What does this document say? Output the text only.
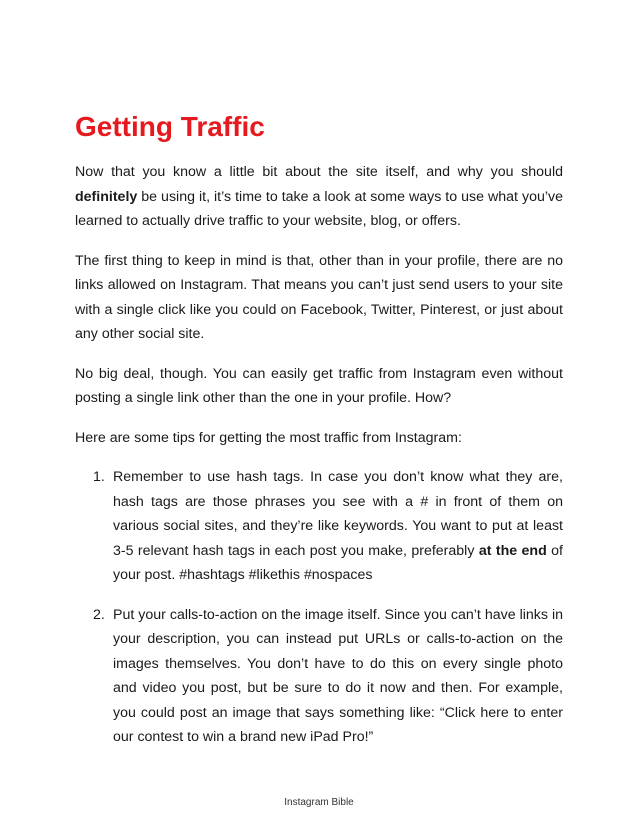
Getting Traffic

Now that you know a little bit about the site itself, and why you should definitely be using it, it’s time to take a look at some ways to use what you’ve learned to actually drive traffic to your website, blog, or offers.

The first thing to keep in mind is that, other than in your profile, there are no links allowed on Instagram. That means you can’t just send users to your site with a single click like you could on Facebook, Twitter, Pinterest, or just about any other social site.

No big deal, though. You can easily get traffic from Instagram even without posting a single link other than the one in your profile. How?

Here are some tips for getting the most traffic from Instagram:

1. Remember to use hash tags. In case you don’t know what they are, hash tags are those phrases you see with a # in front of them on various social sites, and they’re like keywords. You want to put at least 3-5 relevant hash tags in each post you make, preferably at the end of your post. #hashtags #likethis #nospaces
2. Put your calls-to-action on the image itself. Since you can’t have links in your description, you can instead put URLs or calls-to-action on the images themselves. You don’t have to do this on every single photo and video you post, but be sure to do it now and then. For example, you could post an image that says something like: “Click here to enter our contest to win a brand new iPad Pro!”
Instagram Bible
